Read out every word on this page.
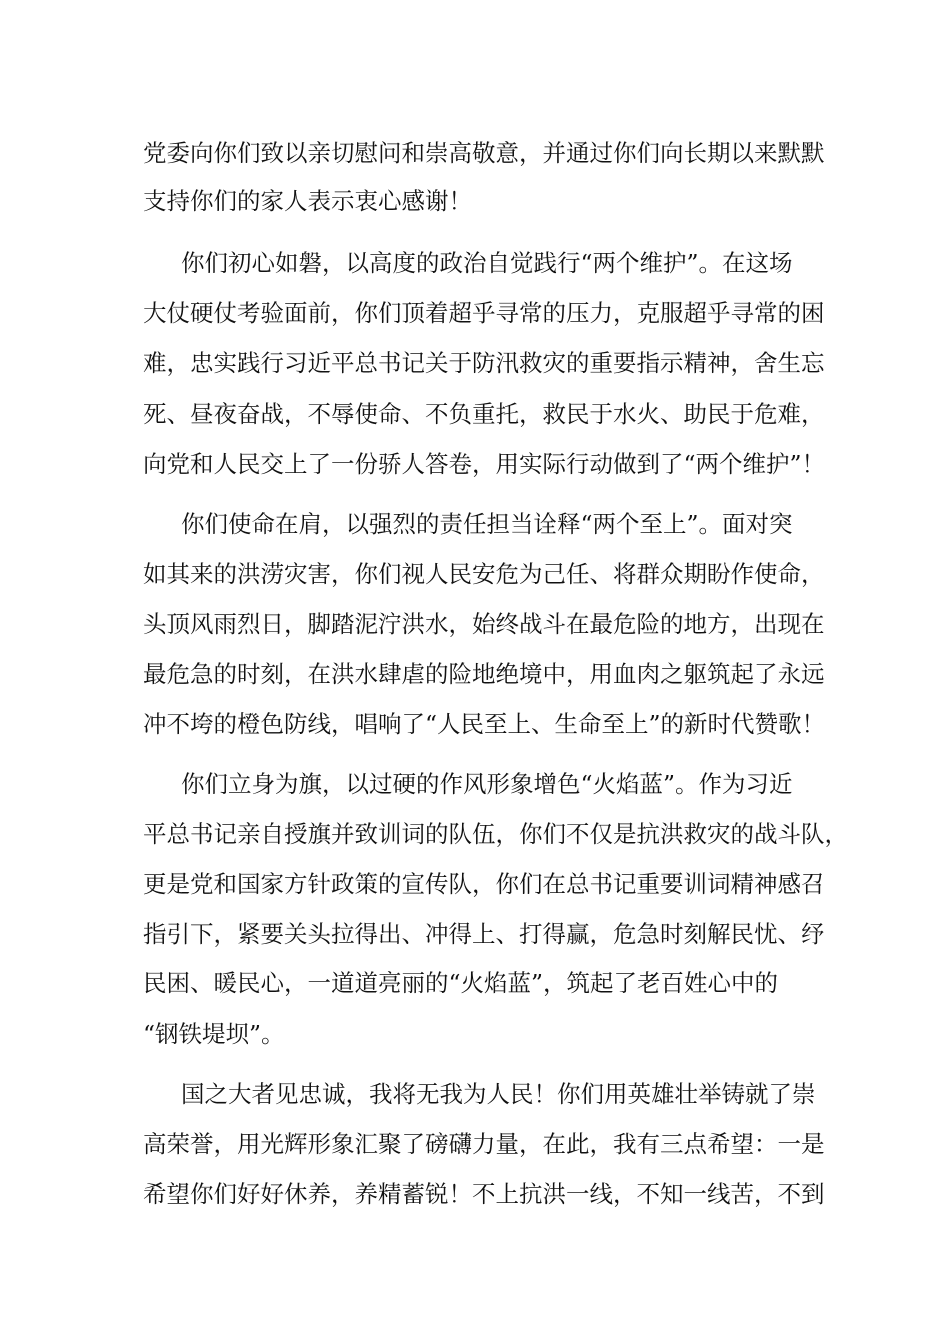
党委向你们致以亲切慰问和崇高敬意，并通过你们向长期以来默默
支持你们的家人表示衷心感谢！
你们初心如磐，以高度的政治自觉践行“两个维护”。在这场
大仗硬仗考验面前，你们顶着超乎寻常的压力，克服超乎寻常的困
难，忠实践行习近平总书记关于防汛救灾的重要指示精神，舍生忘
死、昼夜奋战，不辱使命、不负重托，救民于水火、助民于危难，
向党和人民交上了一份骄人答卷，用实际行动做到了“两个维护”！
你们使命在肩，以强烈的责任担当诠释“两个至上”。面对突
如其来的洪涝灾害，你们视人民安危为己任、将群众期盼作使命，
头顶风雨烈日，脚踏泥泞洪水，始终战斗在最危险的地方，出现在
最危急的时刻，在洪水肆虐的险地绝境中，用血肉之躯筑起了永远
冲不垮的橙色防线，唱响了“人民至上、生命至上”的新时代赞歌！
你们立身为旗，以过硬的作风形象增色“火焰蓝”。作为习近
平总书记亲自授旗并致训词的队伍，你们不仅是抗洪救灾的战斗队，
更是党和国家方针政策的宣传队，你们在总书记重要训词精神感召
指引下，紧要关头拉得出、冲得上、打得赢，危急时刻解民忧、纾
民困、暖民心，一道道亮丽的“火焰蓝”，筑起了老百姓心中的
“钢铁堤坝”。
国之大者见忠诚，我将无我为人民！你们用英雄壮举铸就了崇
高荣誉，用光辉形象汇聚了磅礴力量，在此，我有三点希望：一是
希望你们好好休养，养精蓄锐！不上抗洪一线，不知一线苦，不到
